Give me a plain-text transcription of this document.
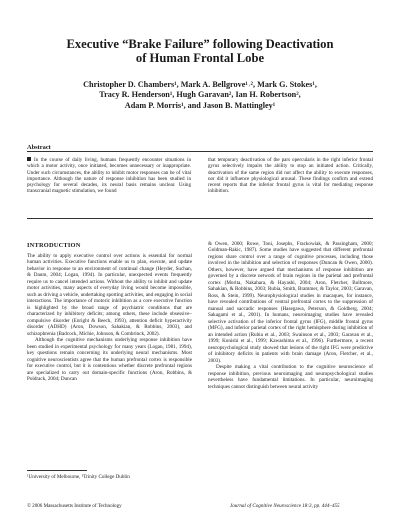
Executive “Brake Failure” following Deactivation
of Human Frontal Lobe
Christopher D. Chambers¹, Mark A. Bellgrove¹˒², Mark G. Stokes¹,
Tracy R. Henderson¹, Hugh Garavan², Ian H. Robertson²,
Adam P. Morris¹, and Jason B. Mattingley¹
Abstract
In the course of daily living, humans frequently encounter situations in which a motor activity, once initiated, becomes unnecessary or inappropriate. Under such circumstances, the ability to inhibit motor responses can be of vital importance. Although the nature of response inhibition has been studied in psychology for several decades, its neural basis remains unclear. Using transcranial magnetic stimulation, we found
that temporary deactivation of the pars opercularis in the right inferior frontal gyrus selectively impairs the ability to stop an initiated action. Critically, deactivation of the same region did not affect the ability to execute responses, nor did it influence physiological arousal. These findings confirm and extend recent reports that the inferior frontal gyrus is vital for mediating response inhibition.
INTRODUCTION

The ability to apply executive control over actions is essential for normal human activities. Executive functions enable us to plan, execute, and update behavior in response to an environment of continual change (Heyder, Suchan, & Daum, 2004; Logan, 1994). In particular, unexpected events frequently require us to cancel intended actions. Without the ability to inhibit and update motor activities, many aspects of everyday living would become impossible, such as driving a vehicle, undertaking sporting activities, and engaging in social interactions. The importance of motoric inhibition as a core executive function is highlighted by the broad range of psychiatric conditions that are characterized by inhibitory deficits; among others, these include obsessive–compulsive disorder (Enright & Beech, 1993), attention deficit hyperactivity disorder (ADHD) (Aron, Dowson, Sahakian, & Robbins, 2003), and schizophrenia (Badcock, Michie, Johnson, & Combrinck, 2002).

Although the cognitive mechanisms underlying response inhibition have been studied in experimental psychology for many years (Logan, 1981, 1994), key questions remain concerning its underlying neural mechanisms. Most cognitive neuroscientists agree that the human prefrontal cortex is responsible for executive control, but it is contentious whether discrete prefrontal regions are specialized to carry out domain-specific functions (Aron, Robbins, & Poldrack, 2004; Duncan

& Owen, 2000; Rowe, Toni, Josephs, Frackowiak, & Passingham, 2000; Goldman-Rakic, 1987). Some studies have suggested that different prefrontal regions share control over a range of cognitive processes, including those involved in the inhibition and selection of responses (Duncan & Owen, 2000). Others, however, have argued that mechanisms of response inhibition are governed by a discrete network of brain regions in the parietal and prefrontal cortex (Morita, Nakahara, & Hayashi, 2004; Aron, Fletcher, Bullmore, Sahakian, & Robbins, 2003; Rubia, Smith, Brammer, & Taylor, 2003; Garavan, Ross, & Stein, 1999). Neurophysiological studies in macaques, for instance, have revealed contributions of ventral prefrontal cortex to the suppression of manual and saccadic responses (Hasegawa, Peterson, & Goldberg, 2004; Sakagami et al., 2001). In humans, neuroimaging studies have revealed selective activation of the inferior frontal gyrus (IFG), middle frontal gyrus (MFG), and inferior parietal cortex of the right hemisphere during inhibition of an intended action (Rubia et al., 2003; Swainson et al., 2003; Garavan et al., 1999; Konishi et al., 1999; Kawashima et al., 1996). Furthermore, a recent neuropsychological study showed that lesions of the right IFG were predictive of inhibitory deficits in patients with brain damage (Aron, Fletcher, et al., 2003).

Despite making a vital contribution to the cognitive neuroscience of response inhibition, previous neuroimaging and neuropsychological studies nevertheless have fundamental limitations. In particular, neuroimaging techniques cannot distinguish between neural activity

¹University of Melbourne, ²Trinity College Dublin
© 2006 Massachusetts Institute of Technology	Journal of Cognitive Neuroscience 18:3, pp. 444–455
